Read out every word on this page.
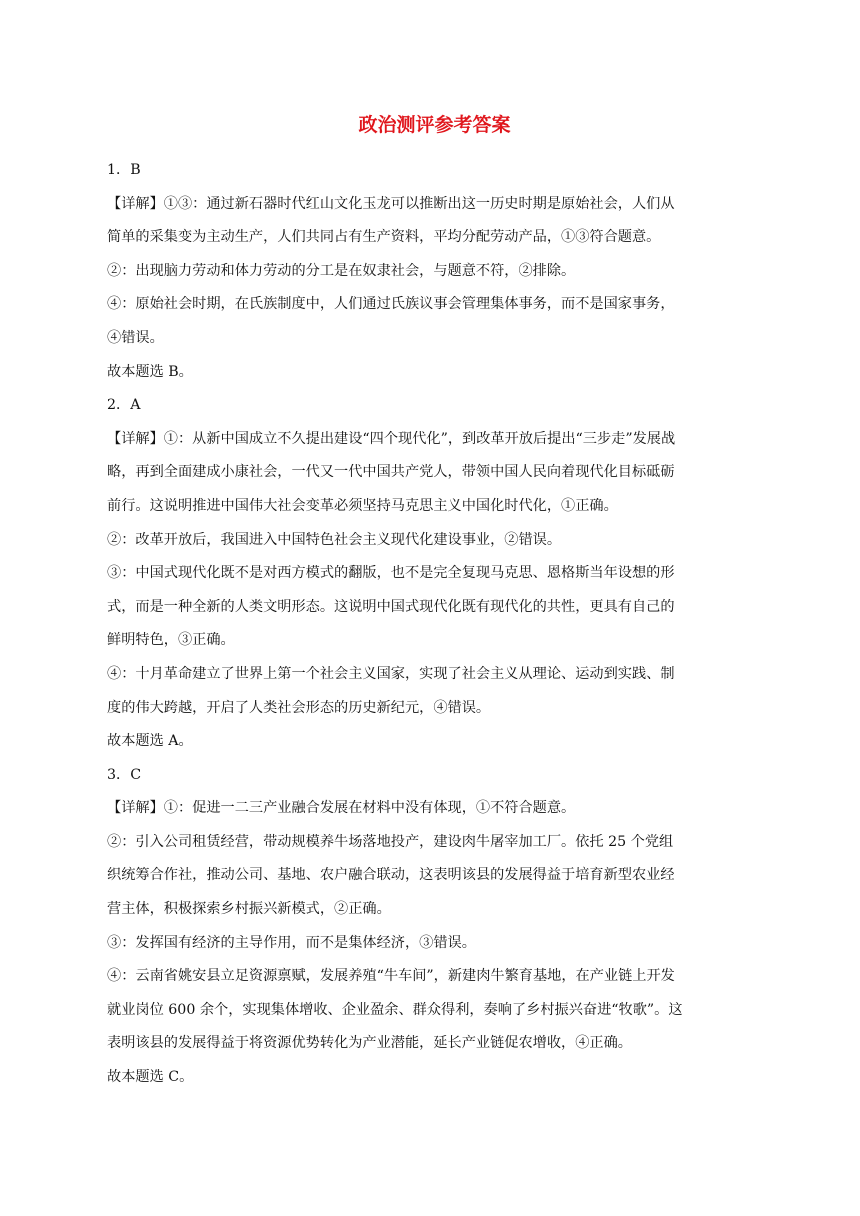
政治测评参考答案

1．B

【详解】①③：通过新石器时代红山文化玉龙可以推断出这一历史时期是原始社会，人们从

简单的采集变为主动生产，人们共同占有生产资料，平均分配劳动产品，①③符合题意。

②：出现脑力劳动和体力劳动的分工是在奴隶社会，与题意不符，②排除。

④：原始社会时期，在氏族制度中，人们通过氏族议事会管理集体事务，而不是国家事务，

④错误。

故本题选 B。

2．A

【详解】①：从新中国成立不久提出建设“四个现代化”，到改革开放后提出“三步走”发展战

略，再到全面建成小康社会，一代又一代中国共产党人，带领中国人民向着现代化目标砥砺

前行。这说明推进中国伟大社会变革必须坚持马克思主义中国化时代化，①正确。

②：改革开放后，我国进入中国特色社会主义现代化建设事业，②错误。

③：中国式现代化既不是对西方模式的翻版，也不是完全复现马克思、恩格斯当年设想的形

式，而是一种全新的人类文明形态。这说明中国式现代化既有现代化的共性，更具有自己的

鲜明特色，③正确。

④：十月革命建立了世界上第一个社会主义国家，实现了社会主义从理论、运动到实践、制

度的伟大跨越，开启了人类社会形态的历史新纪元，④错误。

故本题选 A。

3．C

【详解】①：促进一二三产业融合发展在材料中没有体现，①不符合题意。

②：引入公司租赁经营，带动规模养牛场落地投产，建设肉牛屠宰加工厂。依托 25 个党组

织统筹合作社，推动公司、基地、农户融合联动，这表明该县的发展得益于培育新型农业经

营主体，积极探索乡村振兴新模式，②正确。

③：发挥国有经济的主导作用，而不是集体经济，③错误。

④：云南省姚安县立足资源禀赋，发展养殖“牛车间”，新建肉牛繁育基地，在产业链上开发

就业岗位 600 余个，实现集体增收、企业盈余、群众得利，奏响了乡村振兴奋进“牧歌”。这

表明该县的发展得益于将资源优势转化为产业潜能，延长产业链促农增收，④正确。

故本题选 C。
